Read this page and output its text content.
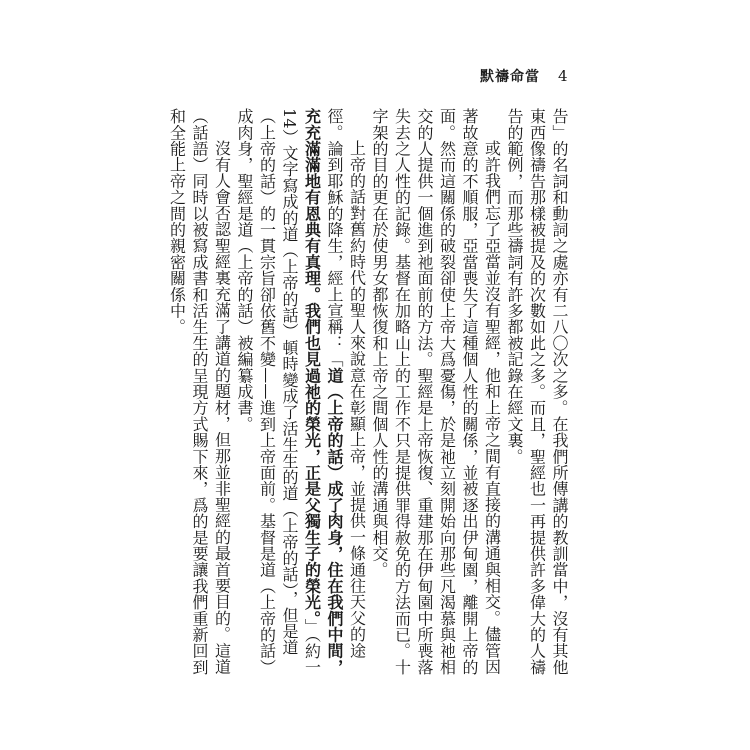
默禱命當 4

告」的名詞和動詞之處亦有二八〇次之多。在我們所傳講的教訓當中，沒有其他東西像禱告那樣被提及的次數如此之多。而且，聖經也一再提供許多偉大的人禱告的範例，而那些禱詞有許多都被記錄在經文裏。

或許我們忘了亞當並沒有聖經，他和上帝之間有直接的溝通與相交。儘管因著故意的不順服，亞當喪失了這種個人性的關係，並被逐出伊甸園，離開上帝的面。然而這關係的破裂卻使上帝大爲憂傷，於是祂立刻開始向那些凡渴慕與祂相交的人提供一個進到祂面前的方法。聖經是上帝恢復、重建那在伊甸園中所喪落失去之人性的記錄。基督在加略山上的工作不只是提供罪得赦免的方法而已。十字架的目的更在於使男女都恢復和上帝之間個人性的溝通與相交。

上帝的話對舊約時代的聖人來說意在彰顯上帝，並提供一條通往天父的途徑。論到耶穌的降生，經上宣稱：「道（上帝的話）成了肉身，住在我們中間，充充滿滿地有恩典有真理。我們也見過祂的榮光，正是父獨生子的榮光。」（約一14）文字寫成的道（上帝的話）頓時變成了活生生的道（上帝的話），但是道（上帝的話）的一貫宗旨卻依舊不變——進到上帝面前。基督是道（上帝的話）成肉身，聖經是道（上帝的話）被編纂成書。

沒有人會否認聖經裏充滿了講道的題材，但那並非聖經的最首要目的。這道（話語）同時以被寫成書和活生生的呈現方式賜下來，爲的是要讓我們重新回到和全能上帝之間的親密關係中。
